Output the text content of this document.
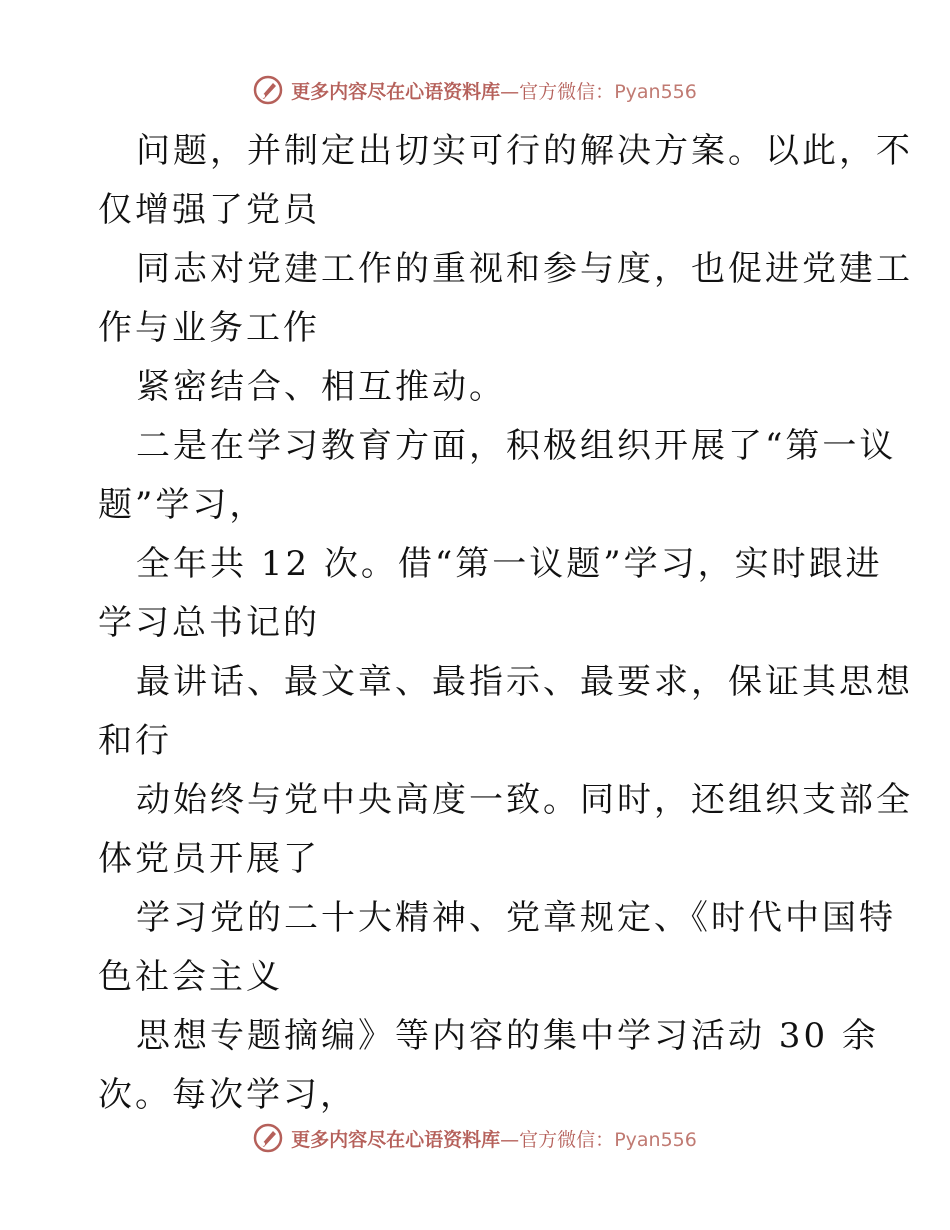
更多内容尽在心语资料库—官方微信：Pyan556

问题，并制定出切实可行的解决方案。以此，不

仅增强了党员

同志对党建工作的重视和参与度，也促进党建工

作与业务工作

紧密结合、相互推动。

二是在学习教育方面，积极组织开展了“第一议

题”学习，

全年共 12 次。借“第一议题”学习，实时跟进

学习总书记的

最讲话、最文章、最指示、最要求，保证其思想

和行

动始终与党中央高度一致。同时，还组织支部全

体党员开展了

学习党的二十大精神、党章规定、《时代中国特

色社会主义

思想专题摘编》等内容的集中学习活动 30 余

次。每次学习，

更多内容尽在心语资料库—官方微信：Pyan556
